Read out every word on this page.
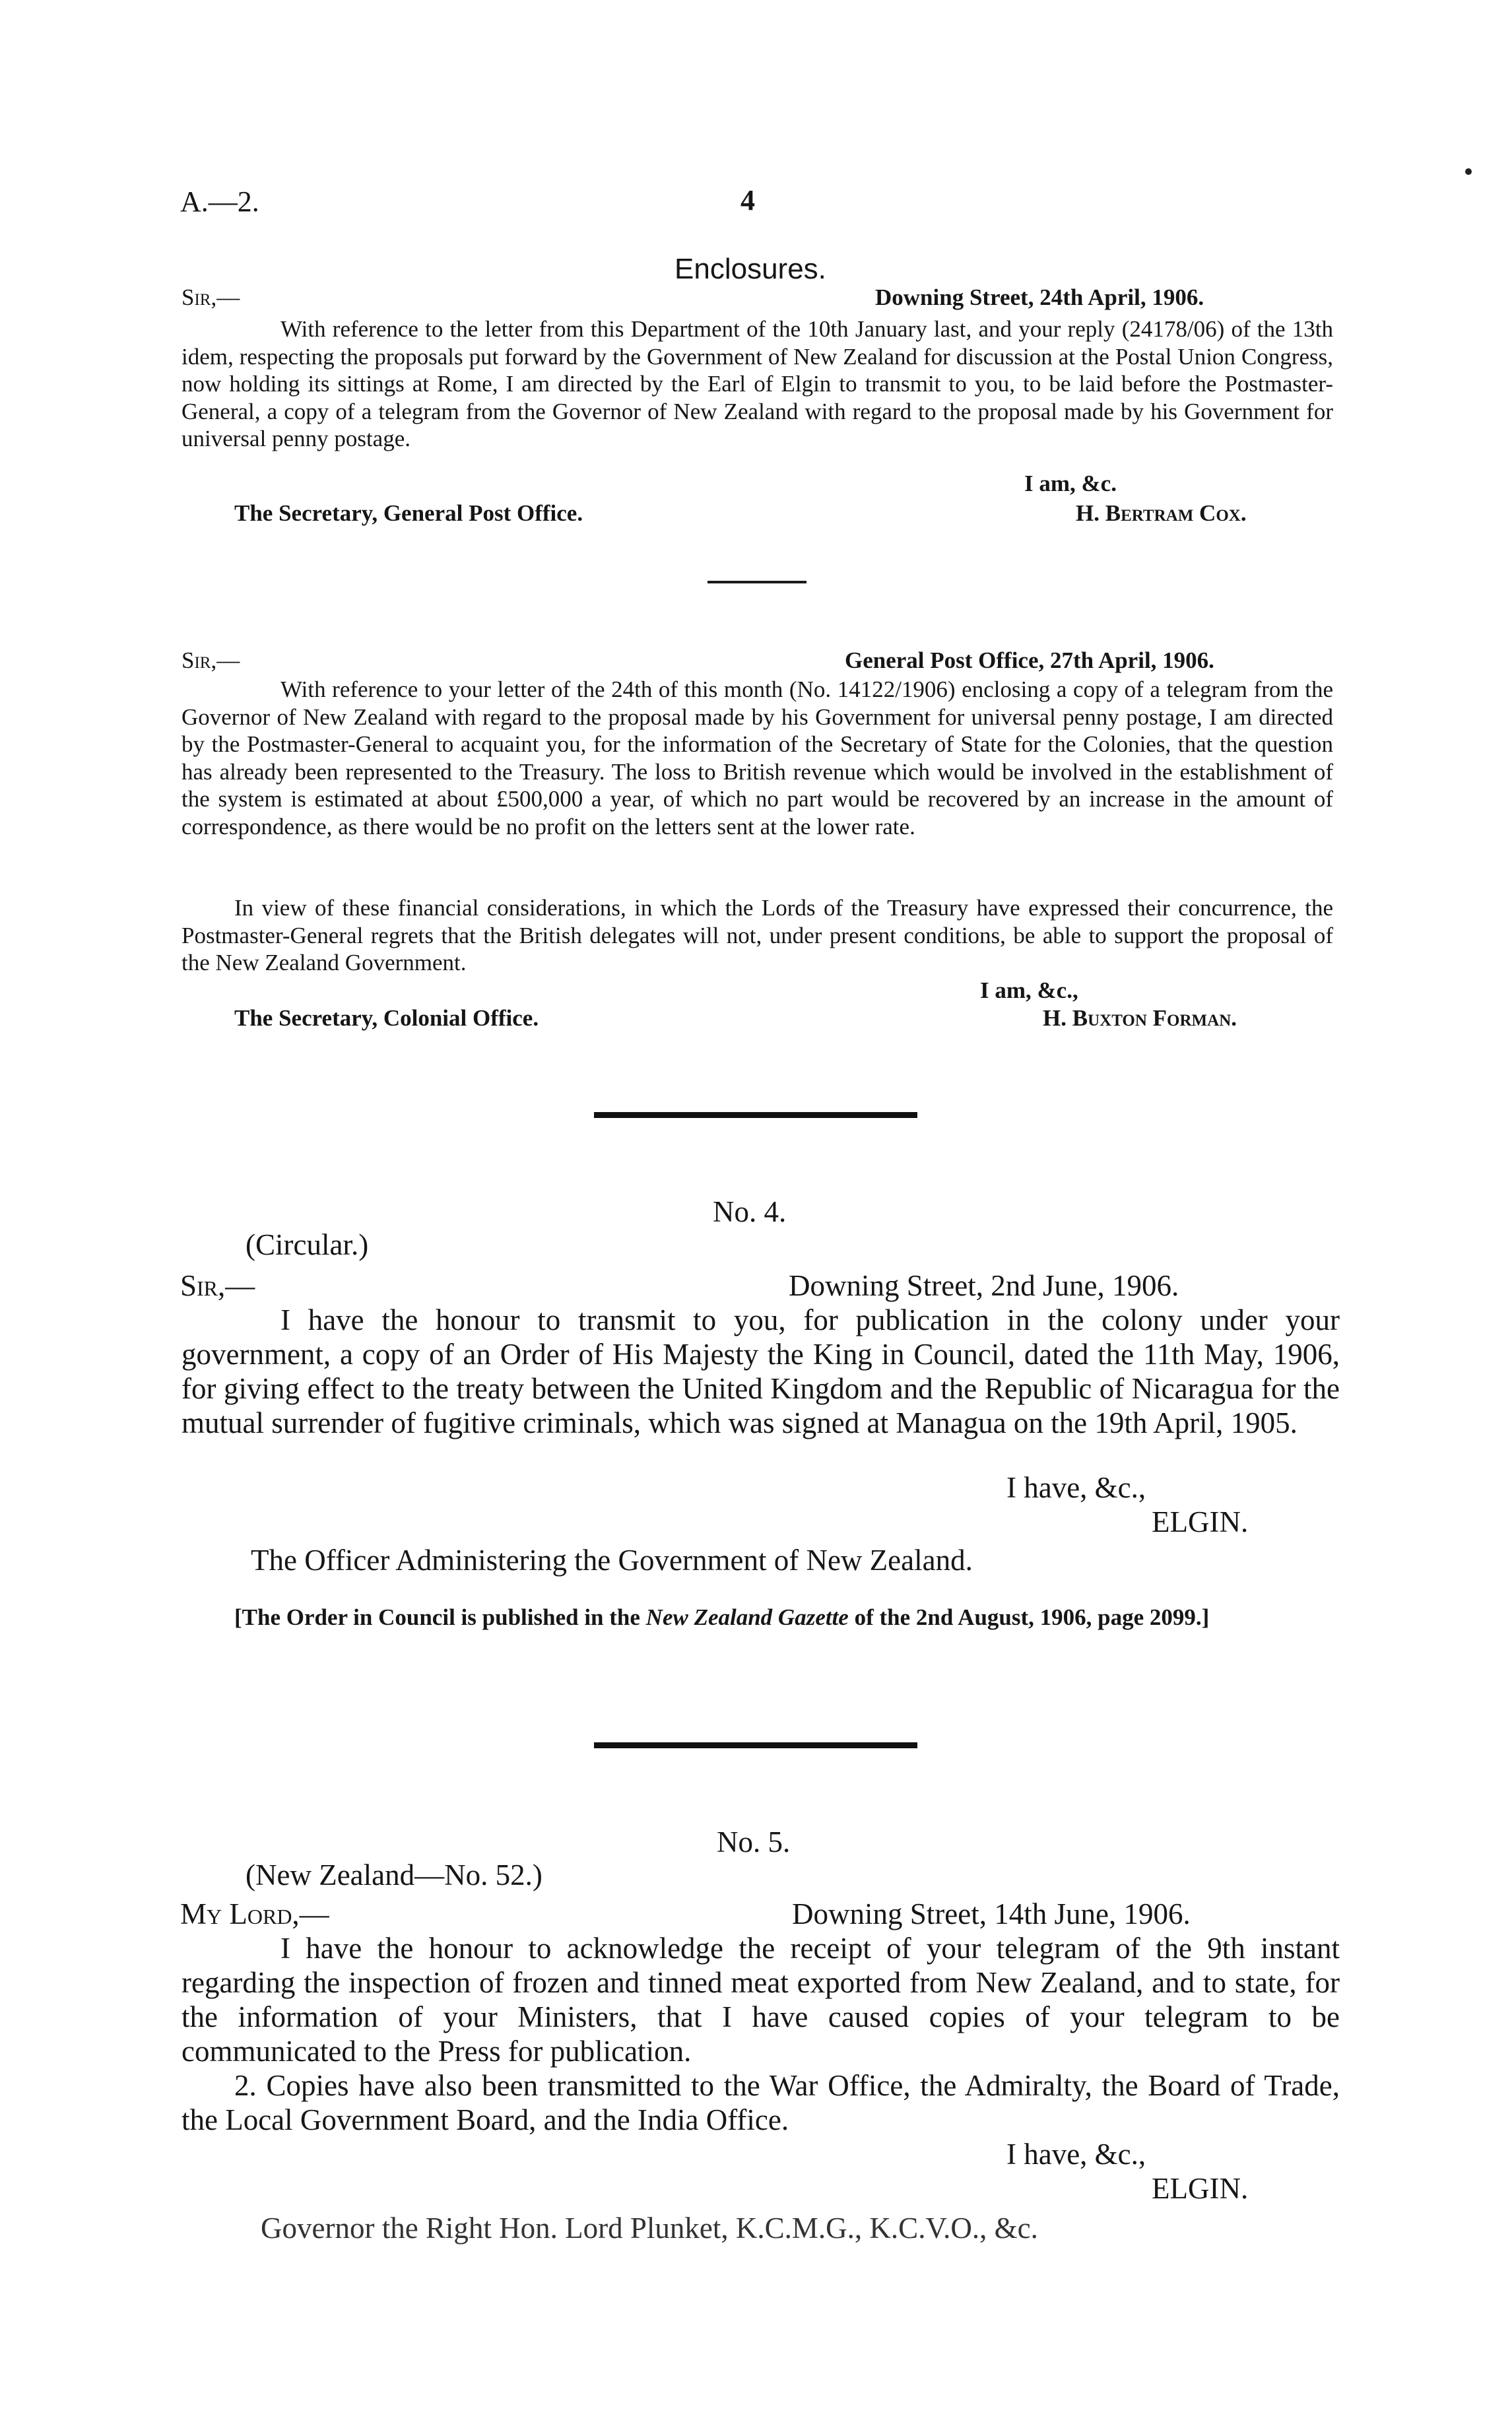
A.—2.	4
Enclosures.
Sir,—	Downing Street, 24th April, 1906.

With reference to the letter from this Department of the 10th January last, and your reply (24178/06) of the 13th idem, respecting the proposals put forward by the Government of New Zealand for discussion at the Postal Union Congress, now holding its sittings at Rome, I am directed by the Earl of Elgin to transmit to you, to be laid before the Postmaster-General, a copy of a telegram from the Governor of New Zealand with regard to the proposal made by his Government for universal penny postage.

I am, &c.
The Secretary, General Post Office.	H. Bertram Cox.
Sir,—	General Post Office, 27th April, 1906.

With reference to your letter of the 24th of this month (No. 14122/1906) enclosing a copy of a telegram from the Governor of New Zealand with regard to the proposal made by his Government for universal penny postage, I am directed by the Postmaster-General to acquaint you, for the information of the Secretary of State for the Colonies, that the question has already been represented to the Treasury. The loss to British revenue which would be involved in the establishment of the system is estimated at about £500,000 a year, of which no part would be recovered by an increase in the amount of correspondence, as there would be no profit on the letters sent at the lower rate.

In view of these financial considerations, in which the Lords of the Treasury have expressed their concurrence, the Postmaster-General regrets that the British delegates will not, under present conditions, be able to support the proposal of the New Zealand Government.

I am, &c.,
The Secretary, Colonial Office.	H. Buxton Forman.
No. 4.
(Circular.)
Sir,—	Downing Street, 2nd June, 1906.

I have the honour to transmit to you, for publication in the colony under your government, a copy of an Order of His Majesty the King in Council, dated the 11th May, 1906, for giving effect to the treaty between the United Kingdom and the Republic of Nicaragua for the mutual surrender of fugitive criminals, which was signed at Managua on the 19th April, 1905.

I have, &c.,
ELGIN.
The Officer Administering the Government of New Zealand.

[The Order in Council is published in the New Zealand Gazette of the 2nd August, 1906, page 2099.]

No. 5.
(New Zealand—No. 52.)
My Lord,—	Downing Street, 14th June, 1906.

I have the honour to acknowledge the receipt of your telegram of the 9th instant regarding the inspection of frozen and tinned meat exported from New Zealand, and to state, for the information of your Ministers, that I have caused copies of your telegram to be communicated to the Press for publication.

2. Copies have also been transmitted to the War Office, the Admiralty, the Board of Trade, the Local Government Board, and the India Office.

I have, &c.,
ELGIN.
Governor the Right Hon. Lord Plunket, K.C.M.G., K.C.V.O., &c.
